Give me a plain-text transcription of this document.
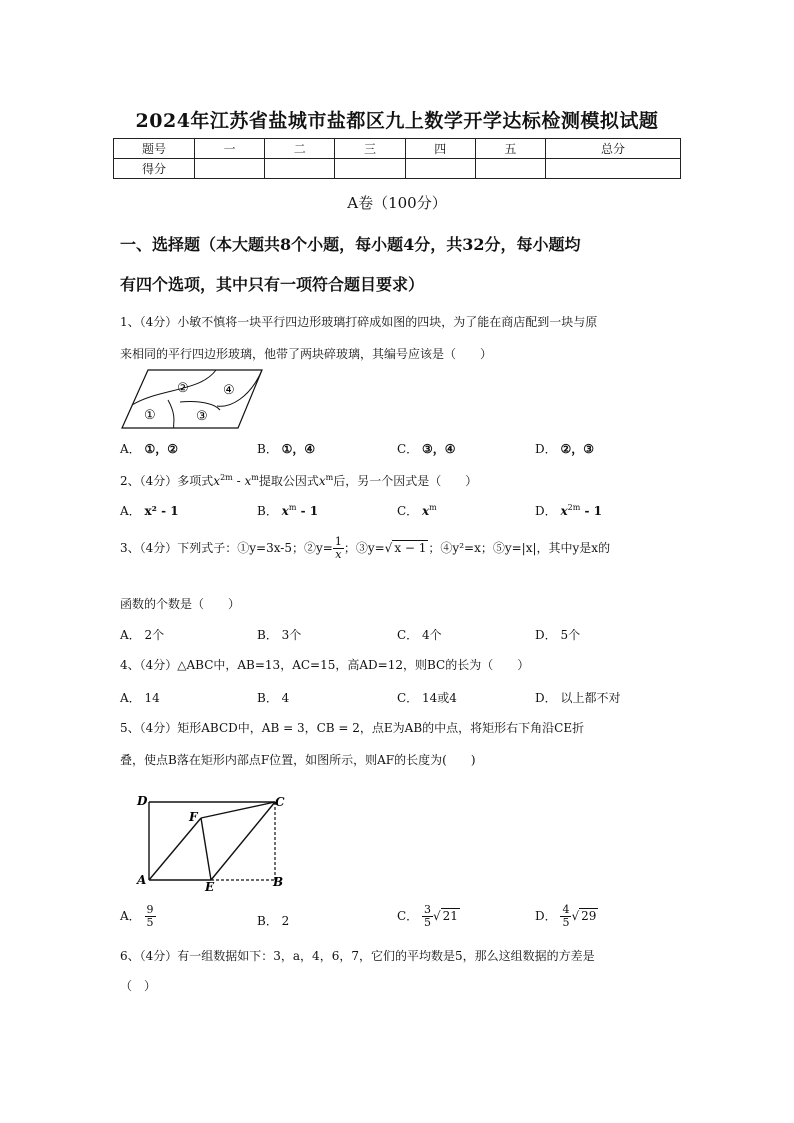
2024年江苏省盐城市盐都区九上数学开学达标检测模拟试题
题号	一	二	三	四	五	总分
得分						
A卷（100分）
一、选择题（本大题共8个小题，每小题4分，共32分，每小题均
有四个选项，其中只有一项符合题目要求）
1、（4分）小敏不慎将一块平行四边形玻璃打碎成如图的四块，为了能在商店配到一块与原
来相同的平行四边形玻璃，他带了两块碎玻璃，其编号应该是（　　）
②	④
①	③
A． ①，②	B． ①，④	C． ③，④	D． ②，③
2、（4分）多项式$x^{2m} - x^m$提取公因式$x^m$后，另一个因式是（　　）
A． x² - 1	B． $x^m - 1$	C． $x^m$	D． $x^{2m} - 1$
3、（4分）下列式子：①y=3x-5；②y= $\frac{1}{x}$ ；③y=√ x − 1 ；④y²=x；⑤y=|x|，其中y是x的
函数的个数是（　　）
A． 2个	B． 3个	C． 4个	D． 5个
4、（4分）△ABC中，AB=13，AC=15，高AD=12，则BC的长为（　　）
A． 14	B． 4	C． 14或4	D． 以上都不对
5、（4分）矩形ABCD中，AB = 3，CB = 2，点E为AB的中点，将矩形右下角沿CE折
叠，使点B落在矩形内部点F位置，如图所示，则AF的长度为(　　)
D	C
F
A	E	B
A． $\frac{9}{5}$	B． 2	C． $\frac{3}{5}$ √ 21	D． $\frac{4}{5}$ √ 29
6、（4分）有一组数据如下：3，a，4，6，7，它们的平均数是5，那么这组数据的方差是
（　）
